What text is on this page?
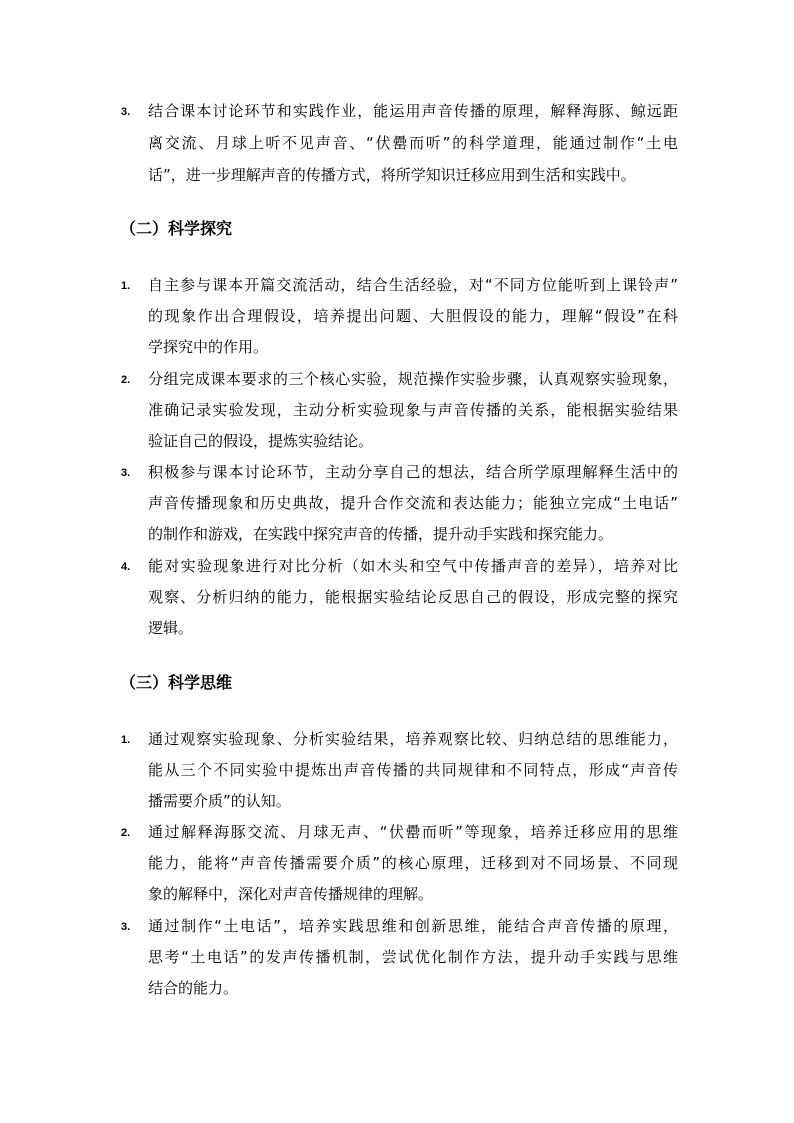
3. 结合课本讨论环节和实践作业，能运用声音传播的原理，解释海豚、鲸远距
离交流、月球上听不见声音、“伏罍而听”的科学道理，能通过制作“土电
话”，进一步理解声音的传播方式，将所学知识迁移应用到生活和实践中。
（二）科学探究
1. 自主参与课本开篇交流活动，结合生活经验，对“不同方位能听到上课铃声”
的现象作出合理假设，培养提出问题、大胆假设的能力，理解“假设”在科
学探究中的作用。
2. 分组完成课本要求的三个核心实验，规范操作实验步骤，认真观察实验现象，
准确记录实验发现，主动分析实验现象与声音传播的关系，能根据实验结果
验证自己的假设，提炼实验结论。
3. 积极参与课本讨论环节，主动分享自己的想法，结合所学原理解释生活中的
声音传播现象和历史典故，提升合作交流和表达能力；能独立完成“土电话”
的制作和游戏，在实践中探究声音的传播，提升动手实践和探究能力。
4. 能对实验现象进行对比分析（如木头和空气中传播声音的差异），培养对比
观察、分析归纳的能力，能根据实验结论反思自己的假设，形成完整的探究
逻辑。
（三）科学思维
1. 通过观察实验现象、分析实验结果，培养观察比较、归纳总结的思维能力，
能从三个不同实验中提炼出声音传播的共同规律和不同特点，形成“声音传
播需要介质”的认知。
2. 通过解释海豚交流、月球无声、“伏罍而听”等现象，培养迁移应用的思维
能力，能将“声音传播需要介质”的核心原理，迁移到对不同场景、不同现
象的解释中，深化对声音传播规律的理解。
3. 通过制作“土电话”，培养实践思维和创新思维，能结合声音传播的原理，
思考“土电话”的发声传播机制，尝试优化制作方法，提升动手实践与思维
结合的能力。
